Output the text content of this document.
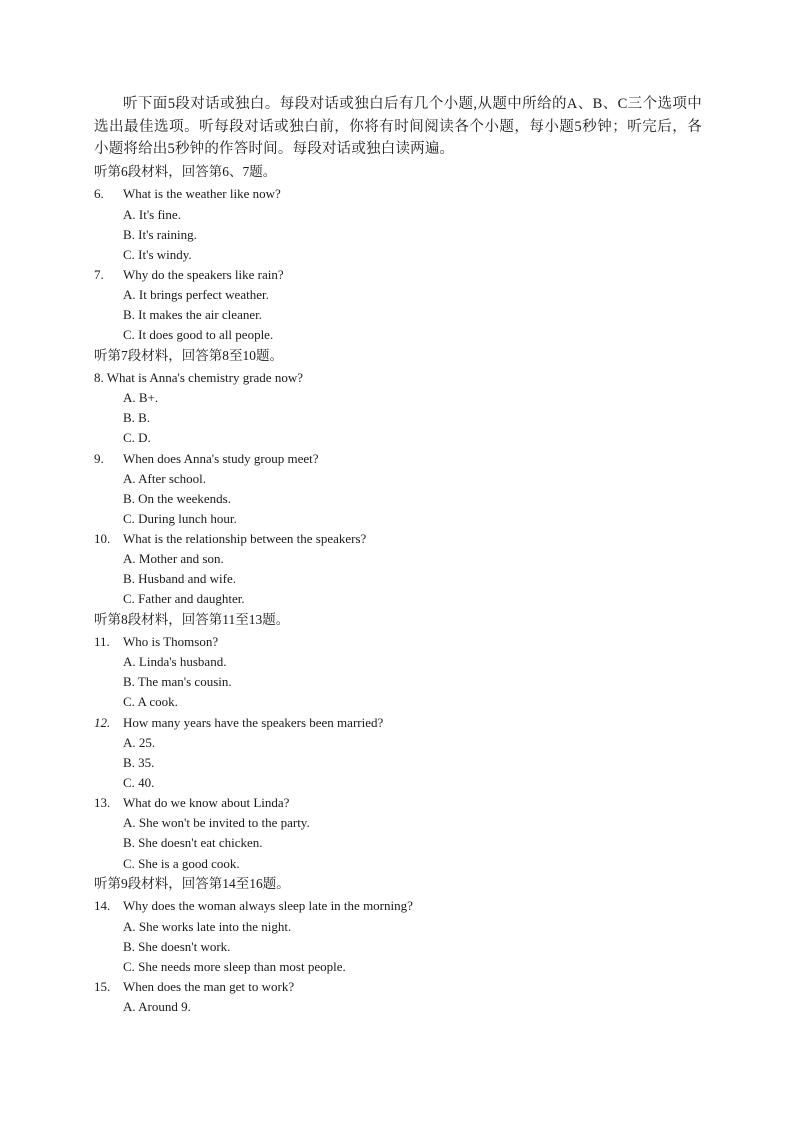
听下面5段对话或独白。每段对话或独白后有几个小题,从题中所给的A、B、C三个选项中选出最佳选项。听每段对话或独白前，你将有时间阅读各个小题，每小题5秒钟；听完后，各小题将给出5秒钟的作答时间。每段对话或独白读两遍。
听第6段材料，回答第6、7题。
6. What is the weather like now?
A. It's fine.
B. It's raining.
C. It's windy.
7. Why do the speakers like rain?
A. It brings perfect weather.
B. It makes the air cleaner.
C. It does good to all people.
听第7段材料，回答第8至10题。
8. What is Anna's chemistry grade now?
A. B+.
B. B.
C. D.
9. When does Anna's study group meet?
A. After school.
B. On the weekends.
C. During lunch hour.
10. What is the relationship between the speakers?
A. Mother and son.
B. Husband and wife.
C. Father and daughter.
听第8段材料，回答第11至13题。
11. Who is Thomson?
A. Linda's husband.
B. The man's cousin.
C. A cook.
12. How many years have the speakers been married?
A. 25.
B. 35.
C. 40.
13. What do we know about Linda?
A. She won't be invited to the party.
B. She doesn't eat chicken.
C. She is a good cook.
听第9段材料，回答第14至16题。
14. Why does the woman always sleep late in the morning?
A. She works late into the night.
B. She doesn't work.
C. She needs more sleep than most people.
15. When does the man get to work?
A. Around 9.
